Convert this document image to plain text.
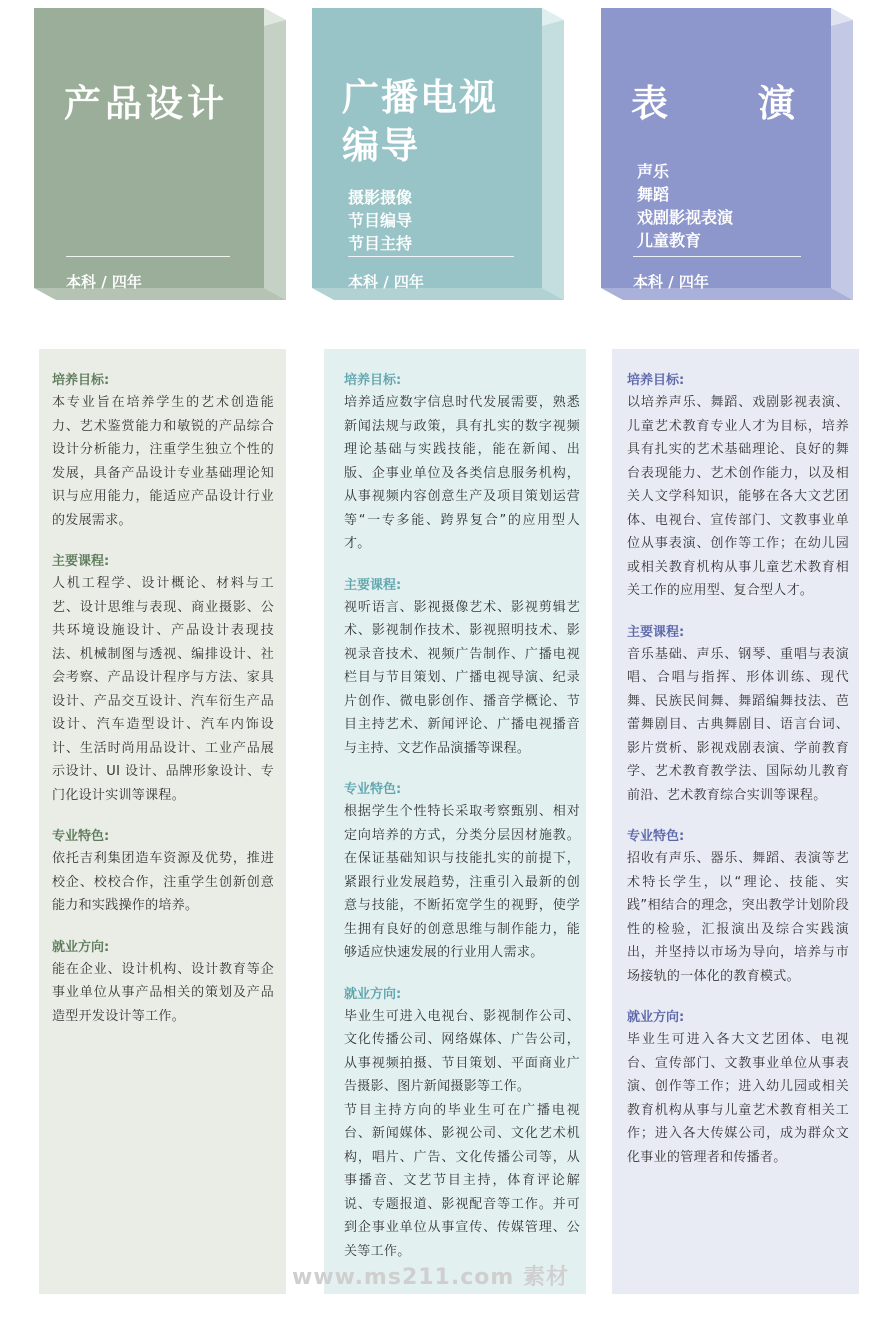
产品设计
本科 / 四年

培养目标:

本专业旨在培养学生的艺术创造能力、艺术鉴赏能力和敏锐的产品综合设计分析能力，注重学生独立个性的发展，具备产品设计专业基础理论知识与应用能力，能适应产品设计行业的发展需求。

主要课程:

人机工程学、设计概论、材料与工艺、设计思维与表现、商业摄影、公共环境设施设计、产品设计表现技法、机械制图与透视、编排设计、社会考察、产品设计程序与方法、家具设计、产品交互设计、汽车衍生产品设计、汽车造型设计、汽车内饰设计、生活时尚用品设计、工业产品展示设计、UI 设计、品牌形象设计、专门化设计实训等课程。

专业特色:

依托吉利集团造车资源及优势，推进校企、校校合作，注重学生创新创意能力和实践操作的培养。

就业方向:

能在企业、设计机构、设计教育等企事业单位从事产品相关的策划及产品造型开发设计等工作。

广播电视
编导
摄影摄像
节目编导
节目主持
本科 / 四年

培养目标:

培养适应数字信息时代发展需要，熟悉新闻法规与政策，具有扎实的数字视频理论基础与实践技能，能在新闻、出版、企事业单位及各类信息服务机构，从事视频内容创意生产及项目策划运营等“一专多能、跨界复合”的应用型人才。

主要课程:

视听语言、影视摄像艺术、影视剪辑艺术、影视制作技术、影视照明技术、影视录音技术、视频广告制作、广播电视栏目与节目策划、广播电视导演、纪录片创作、微电影创作、播音学概论、节目主持艺术、新闻评论、广播电视播音与主持、文艺作品演播等课程。

专业特色:

根据学生个性特长采取考察甄别、相对定向培养的方式，分类分层因材施教。在保证基础知识与技能扎实的前提下，紧跟行业发展趋势，注重引入最新的创意与技能，不断拓宽学生的视野，使学生拥有良好的创意思维与制作能力，能够适应快速发展的行业用人需求。

就业方向:

毕业生可进入电视台、影视制作公司、文化传播公司、网络媒体、广告公司，从事视频拍摄、节目策划、平面商业广告摄影、图片新闻摄影等工作。
节目主持方向的毕业生可在广播电视台、新闻媒体、影视公司、文化艺术机构，唱片、广告、文化传播公司等，从事播音、文艺节目主持，体育评论解说、专题报道、影视配音等工作。并可到企事业单位从事宣传、传媒管理、公关等工作。

表 演
声乐
舞蹈
戏剧影视表演
儿童教育
本科 / 四年

培养目标:

以培养声乐、舞蹈、戏剧影视表演、儿童艺术教育专业人才为目标，培养具有扎实的艺术基础理论、良好的舞台表现能力、艺术创作能力，以及相关人文学科知识，能够在各大文艺团体、电视台、宣传部门、文教事业单位从事表演、创作等工作；在幼儿园或相关教育机构从事儿童艺术教育相关工作的应用型、复合型人才。

主要课程:

音乐基础、声乐、钢琴、重唱与表演唱、合唱与指挥、形体训练、现代舞、民族民间舞、舞蹈编舞技法、芭蕾舞剧目、古典舞剧目、语言台词、影片赏析、影视戏剧表演、学前教育学、艺术教育教学法、国际幼儿教育前沿、艺术教育综合实训等课程。

专业特色:

招收有声乐、器乐、舞蹈、表演等艺术特长学生，以“理论、技能、实践”相结合的理念，突出教学计划阶段性的检验，汇报演出及综合实践演出，并坚持以市场为导向，培养与市场接轨的一体化的教育模式。

就业方向:

毕业生可进入各大文艺团体、电视台、宣传部门、文教事业单位从事表演、创作等工作；进入幼儿园或相关教育机构从事与儿童艺术教育相关工作；进入各大传媒公司，成为群众文化事业的管理者和传播者。

www.ms211.com 素材
